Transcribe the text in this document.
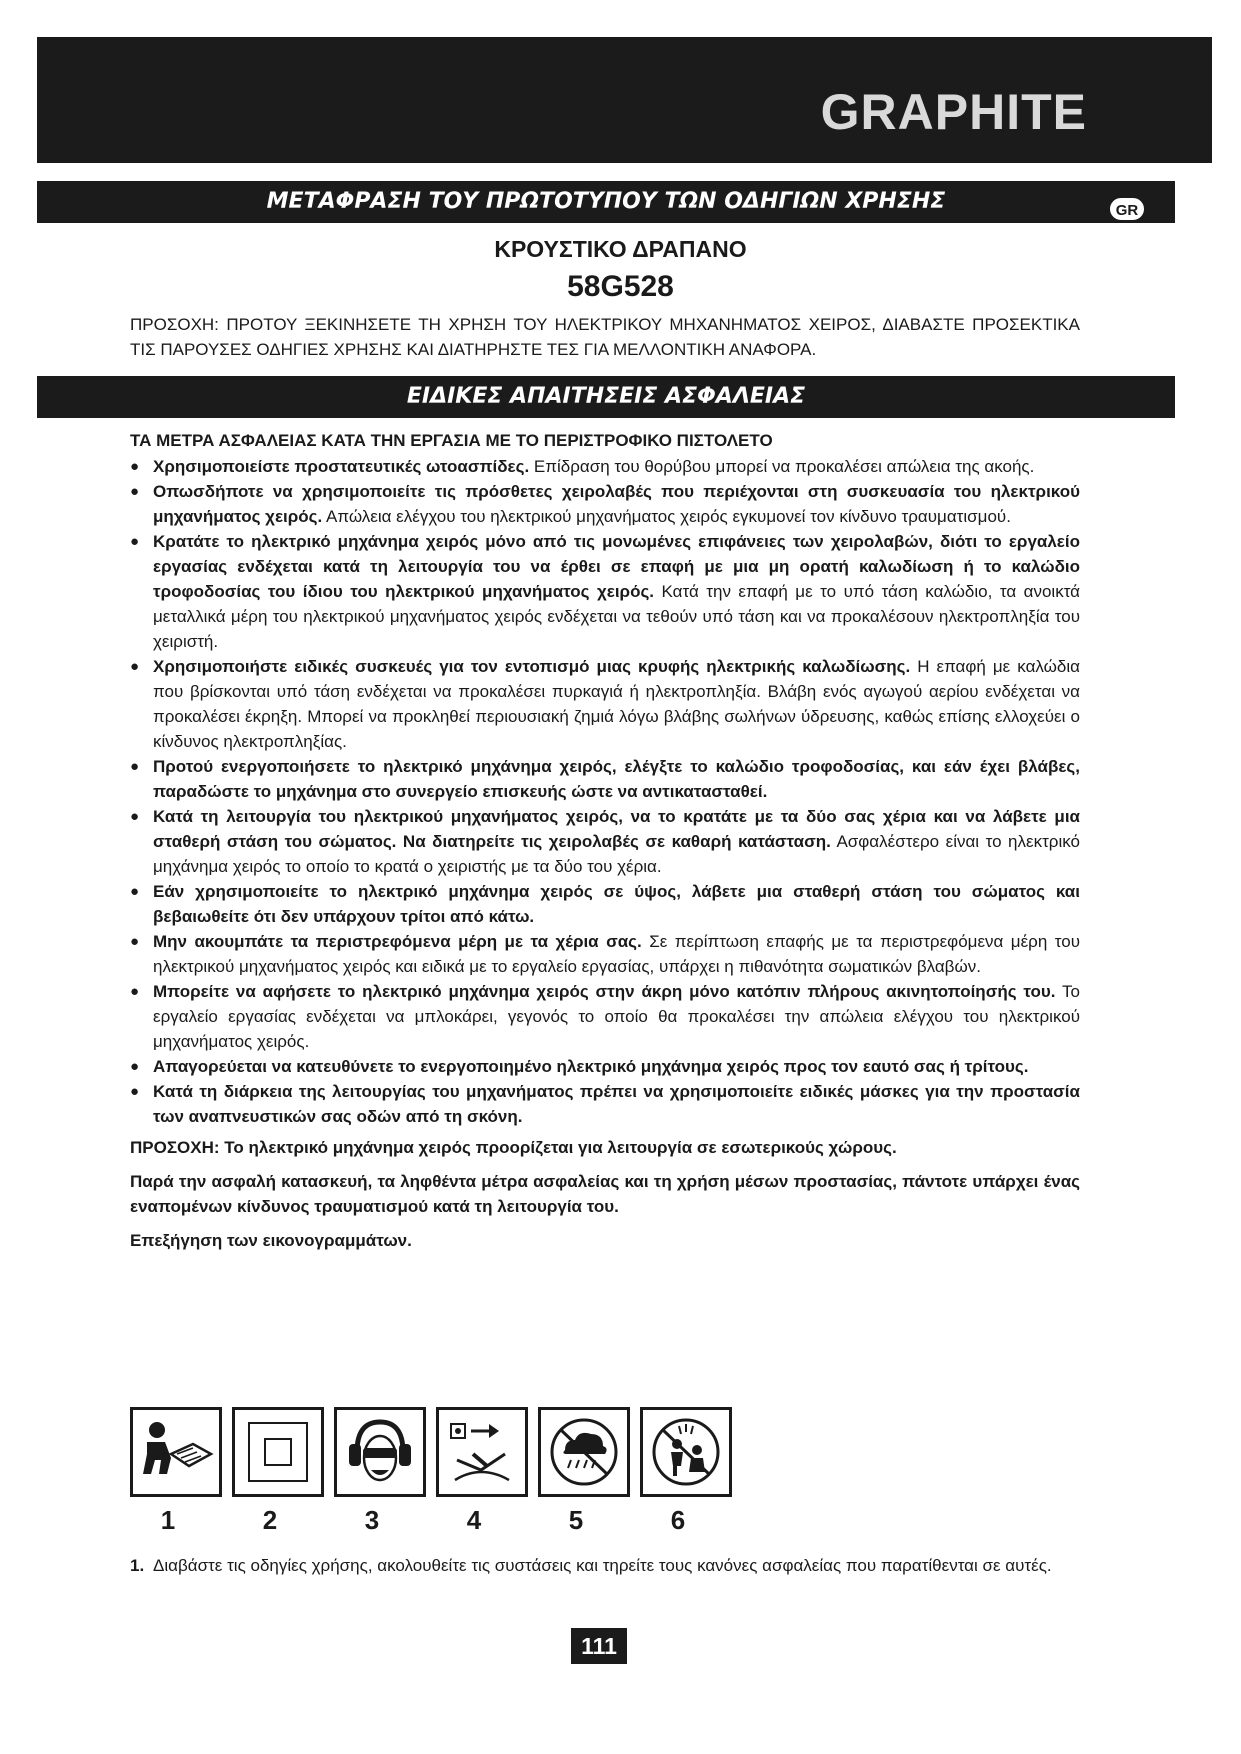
GRAPHITE
ΜΕΤΑΦΡΑΣΗ ΤΟΥ ΠΡΩΤΟΤΥΠΟΥ ΤΩΝ ΟΔΗΓΙΩΝ ΧΡΗΣΗΣ	GR
ΚΡΟΥΣΤΙΚΟ ΔΡΑΠΑΝΟ
58G528
ΠΡΟΣΟΧΗ: ΠΡΟΤΟΥ ΞΕΚΙΝΗΣΕΤΕ ΤΗ ΧΡΗΣΗ ΤΟΥ ΗΛΕΚΤΡΙΚΟΥ ΜΗΧΑΝΗΜΑΤΟΣ ΧΕΙΡΟΣ, ΔΙΑΒΑΣΤΕ ΠΡΟΣΕΚΤΙΚΑ ΤΙΣ ΠΑΡΟΥΣΕΣ ΟΔΗΓΙΕΣ ΧΡΗΣΗΣ ΚΑΙ ΔΙΑΤΗΡΗΣΤΕ ΤΕΣ ΓΙΑ ΜΕΛΛΟΝΤΙΚΗ ΑΝΑΦΟΡΑ.
ΕΙΔΙΚΕΣ ΑΠΑΙΤΗΣΕΙΣ ΑΣΦΑΛΕΙΑΣ
ΤΑ ΜΕΤΡΑ ΑΣΦΑΛΕΙΑΣ ΚΑΤΑ ΤΗΝ ΕΡΓΑΣΙΑ ΜΕ ΤΟ ΠΕΡΙΣΤΡΟΦΙΚΟ ΠΙΣΤΟΛΕΤΟ
● Χρησιμοποιείστε προστατευτικές ωτοασπίδες. Επίδραση του θορύβου μπορεί να προκαλέσει απώλεια της ακοής.
● Οπωσδήποτε να χρησιμοποιείτε τις πρόσθετες χειρολαβές που περιέχονται στη συσκευασία του ηλεκτρικού μηχανήματος χειρός. Απώλεια ελέγχου του ηλεκτρικού μηχανήματος χειρός εγκυμονεί τον κίνδυνο τραυματισμού.
● Κρατάτε το ηλεκτρικό μηχάνημα χειρός μόνο από τις μονωμένες επιφάνειες των χειρολαβών, διότι το εργαλείο εργασίας ενδέχεται κατά τη λειτουργία του να έρθει σε επαφή με μια μη ορατή καλωδίωση ή το καλώδιο τροφοδοσίας του ίδιου του ηλεκτρικού μηχανήματος χειρός. Κατά την επαφή με το υπό τάση καλώδιο, τα ανοικτά μεταλλικά μέρη του ηλεκτρικού μηχανήματος χειρός ενδέχεται να τεθούν υπό τάση και να προκαλέσουν ηλεκτροπληξία του χειριστή.
● Χρησιμοποιήστε ειδικές συσκευές για τον εντοπισμό μιας κρυφής ηλεκτρικής καλωδίωσης. Η επαφή με καλώδια που βρίσκονται υπό τάση ενδέχεται να προκαλέσει πυρκαγιά ή ηλεκτροπληξία. Βλάβη ενός αγωγού αερίου ενδέχεται να προκαλέσει έκρηξη. Μπορεί να προκληθεί περιουσιακή ζημιά λόγω βλάβης σωλήνων ύδρευσης, καθώς επίσης ελλοχεύει ο κίνδυνος ηλεκτροπληξίας.
● Προτού ενεργοποιήσετε το ηλεκτρικό μηχάνημα χειρός, ελέγξτε το καλώδιο τροφοδοσίας, και εάν έχει βλάβες, παραδώστε το μηχάνημα στο συνεργείο επισκευής ώστε να αντικατασταθεί.
● Κατά τη λειτουργία του ηλεκτρικού μηχανήματος χειρός, να το κρατάτε με τα δύο σας χέρια και να λάβετε μια σταθερή στάση του σώματος. Να διατηρείτε τις χειρολαβές σε καθαρή κατάσταση. Ασφαλέστερο είναι το ηλεκτρικό μηχάνημα χειρός το οποίο το κρατά ο χειριστής με τα δύο του χέρια.
● Εάν χρησιμοποιείτε το ηλεκτρικό μηχάνημα χειρός σε ύψος, λάβετε μια σταθερή στάση του σώματος και βεβαιωθείτε ότι δεν υπάρχουν τρίτοι από κάτω.
● Μην ακουμπάτε τα περιστρεφόμενα μέρη με τα χέρια σας. Σε περίπτωση επαφής με τα περιστρεφόμενα μέρη του ηλεκτρικού μηχανήματος χειρός και ειδικά με το εργαλείο εργασίας, υπάρχει η πιθανότητα σωματικών βλαβών.
● Μπορείτε να αφήσετε το ηλεκτρικό μηχάνημα χειρός στην άκρη μόνο κατόπιν πλήρους ακινητοποίησής του. Το εργαλείο εργασίας ενδέχεται να μπλοκάρει, γεγονός το οποίο θα προκαλέσει την απώλεια ελέγχου του ηλεκτρικού μηχανήματος χειρός.
● Απαγορεύεται να κατευθύνετε το ενεργοποιημένο ηλεκτρικό μηχάνημα χειρός προς τον εαυτό σας ή τρίτους.
● Κατά τη διάρκεια της λειτουργίας του μηχανήματος πρέπει να χρησιμοποιείτε ειδικές μάσκες για την προστασία των αναπνευστικών σας οδών από τη σκόνη.
ΠΡΟΣΟΧΗ: Το ηλεκτρικό μηχάνημα χειρός προορίζεται για λειτουργία σε εσωτερικούς χώρους.
Παρά την ασφαλή κατασκευή, τα ληφθέντα μέτρα ασφαλείας και τη χρήση μέσων προστασίας, πάντοτε υπάρχει ένας εναπομένων κίνδυνος τραυματισμού κατά τη λειτουργία του.
Επεξήγηση των εικονογραμμάτων.
1	2	3	4	5	6
1. Διαβάστε τις οδηγίες χρήσης, ακολουθείτε τις συστάσεις και τηρείτε τους κανόνες ασφαλείας που παρατίθενται σε αυτές.
111
